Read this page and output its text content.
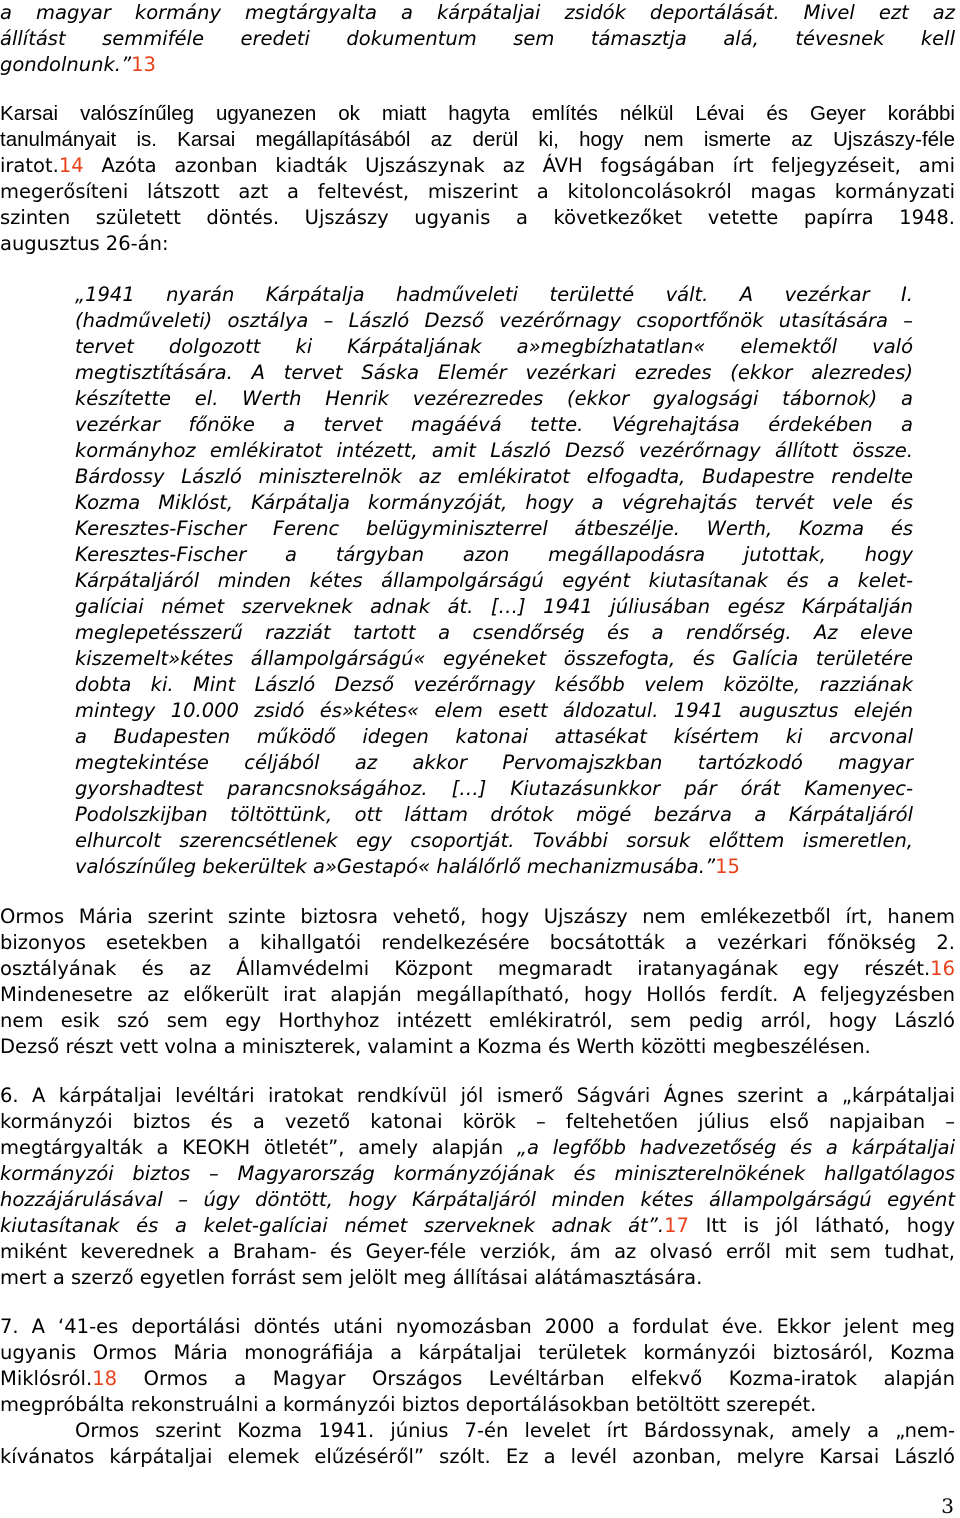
a magyar kormány megtárgyalta a kárpátaljai zsidók deportálását. Mivel ezt az
állítást semmiféle eredeti dokumentum sem támasztja alá, tévesnek kell
gondolnunk.”13
Karsai valószínűleg ugyanezen ok miatt hagyta említés nélkül Lévai és Geyer korábbi
tanulmányait is. Karsai megállapításából az derül ki, hogy nem ismerte az Ujszászy-féle
iratot.14 Azóta azonban kiadták Ujszászynak az ÁVH fogságában írt feljegyzéseit, ami
megerősíteni látszott azt a feltevést, miszerint a kitoloncolásokról magas kormányzati
szinten született döntés. Ujszászy ugyanis a következőket vetette papírra 1948.
augusztus 26-án:
„1941 nyarán Kárpátalja hadműveleti területté vált. A vezérkar I.
(hadműveleti) osztálya – László Dezső vezérőrnagy csoportfőnök utasítására –
tervet dolgozott ki Kárpátaljának a»megbízhatatlan« elemektől való
megtisztítására. A tervet Sáska Elemér vezérkari ezredes (ekkor alezredes)
készítette el. Werth Henrik vezérezredes (ekkor gyalogsági tábornok) a
vezérkar főnöke a tervet magáévá tette. Végrehajtása érdekében a
kormányhoz emlékiratot intézett, amit László Dezső vezérőrnagy állított össze.
Bárdossy László miniszterelnök az emlékiratot elfogadta, Budapestre rendelte
Kozma Miklóst, Kárpátalja kormányzóját, hogy a végrehajtás tervét vele és
Keresztes-Fischer Ferenc belügyminiszterrel átbeszélje. Werth, Kozma és
Keresztes-Fischer a tárgyban azon megállapodásra jutottak, hogy
Kárpátaljáról minden kétes állampolgárságú egyént kiutasítanak és a kelet-
galíciai német szerveknek adnak át. […] 1941 júliusában egész Kárpátalján
meglepetésszerű razziát tartott a csendőrség és a rendőrség. Az eleve
kiszemelt»kétes állampolgárságú« egyéneket összefogta, és Galícia területére
dobta ki. Mint László Dezső vezérőrnagy később velem közölte, razziának
mintegy 10.000 zsidó és»kétes« elem esett áldozatul. 1941 augusztus elején
a Budapesten működő idegen katonai attasékat kísértem ki arcvonal
megtekintése céljából az akkor Pervomajszkban tartózkodó magyar
gyorshadtest parancsnokságához. […] Kiutazásunkkor pár órát Kamenyec-
Podolszkijban töltöttünk, ott láttam drótok mögé bezárva a Kárpátaljáról
elhurcolt szerencsétlenek egy csoportját. További sorsuk előttem ismeretlen,
valószínűleg bekerültek a»Gestapó« halálőrlő mechanizmusába.”15
Ormos Mária szerint szinte biztosra vehető, hogy Ujszászy nem emlékezetből írt, hanem
bizonyos esetekben a kihallgatói rendelkezésére bocsátották a vezérkari főnökség 2.
osztályának és az Államvédelmi Központ megmaradt iratanyagának egy részét.16
Mindenesetre az előkerült irat alapján megállapítható, hogy Hollós ferdít. A feljegyzésben
nem esik szó sem egy Horthyhoz intézett emlékiratról, sem pedig arról, hogy László
Dezső részt vett volna a miniszterek, valamint a Kozma és Werth közötti megbeszélésen.
6. A kárpátaljai levéltári iratokat rendkívül jól ismerő Ságvári Ágnes szerint a „kárpátaljai
kormányzói biztos és a vezető katonai körök – feltehetően július első napjaiban –
megtárgyalták a KEOKH ötletét”, amely alapján „a legfőbb hadvezetőség és a kárpátaljai
kormányzói biztos – Magyarország kormányzójának és miniszterelnökének hallgatólagos
hozzájárulásával – úgy döntött, hogy Kárpátaljáról minden kétes állampolgárságú egyént
kiutasítanak és a kelet-galíciai német szerveknek adnak át”.17 Itt is jól látható, hogy
miként keverednek a Braham- és Geyer-féle verziók, ám az olvasó erről mit sem tudhat,
mert a szerző egyetlen forrást sem jelölt meg állításai alátámasztására.
7. A ‘41-es deportálási döntés utáni nyomozásban 2000 a fordulat éve. Ekkor jelent meg
ugyanis Ormos Mária monográfiája a kárpátaljai területek kormányzói biztosáról, Kozma
Miklósról.18 Ormos a Magyar Országos Levéltárban elfekvő Kozma-iratok alapján
megpróbálta rekonstruálni a kormányzói biztos deportálásokban betöltött szerepét.
Ormos szerint Kozma 1941. június 7-én levelet írt Bárdossynak, amely a „nem-
kívánatos kárpátaljai elemek elűzéséről” szólt. Ez a levél azonban, melyre Karsai László
3
